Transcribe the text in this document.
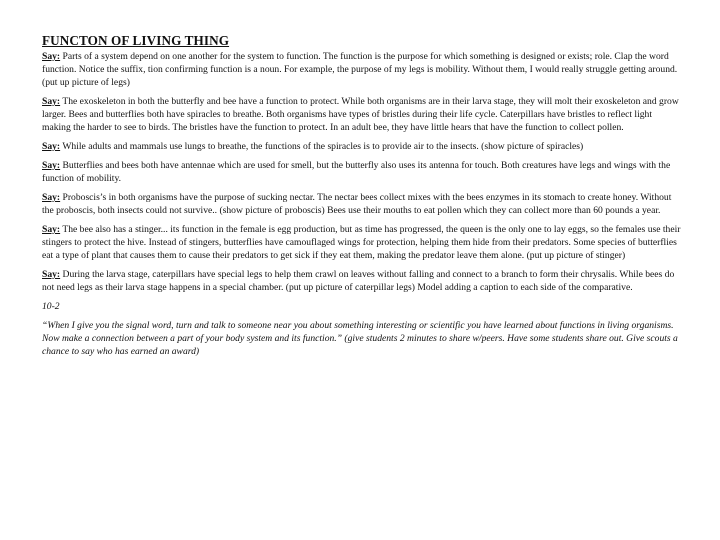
FUNCTON OF LIVING THING
Say: Parts of a system depend on one another for the system to function. The function is the purpose for which something is designed or exists; role. Clap the word function. Notice the suffix, tion confirming function is a noun. For example, the purpose of my legs is mobility. Without them, I would really struggle getting around.(put up picture of legs)
Say: The exoskeleton in both the butterfly and bee have a function to protect. While both organisms are in their larva stage, they will molt their exoskeleton and grow larger. Bees and butterflies both have spiracles to breathe. Both organisms have types of bristles during their life cycle. Caterpillars have bristles to reflect light making the harder to see to birds. The bristles have the function to protect. In an adult bee, they have little hears that have the function to collect pollen.
Say: While adults and mammals use lungs to breathe, the functions of the spiracles is to provide air to the insects. (show picture of spiracles)
Say: Butterflies and bees both have antennae which are used for smell, but the butterfly also uses its antenna for touch. Both creatures have legs and wings with the function of mobility.
Say: Proboscis’s in both organisms have the purpose of sucking nectar. The nectar bees collect mixes with the bees enzymes in its stomach to create honey. Without the proboscis, both insects could not survive.. (show picture of proboscis) Bees use their mouths to eat pollen which they can collect more than 60 pounds a year.
Say: The bee also has a stinger... its function in the female is egg production, but as time has progressed, the queen is the only one to lay eggs, so the females use their stingers to protect the hive. Instead of stingers, butterflies have camouflaged wings for protection, helping them hide from their predators. Some species of butterflies eat a type of plant that causes them to cause their predators to get sick if they eat them, making the predator leave them alone. (put up picture of stinger)
Say: During the larva stage, caterpillars have special legs to help them crawl on leaves without falling and connect to a branch to form their chrysalis. While bees do not need legs as their larva stage happens in a special chamber. (put up picture of caterpillar legs) Model adding a caption to each side of the comparative.
10-2
“When I give you the signal word, turn and talk to someone near you about something interesting or scientific you have learned about functions in living organisms. Now make a connection between a part of your body system and its function.” (give students 2 minutes to share w/peers. Have some students share out. Give scouts a chance to say who has earned an award)
